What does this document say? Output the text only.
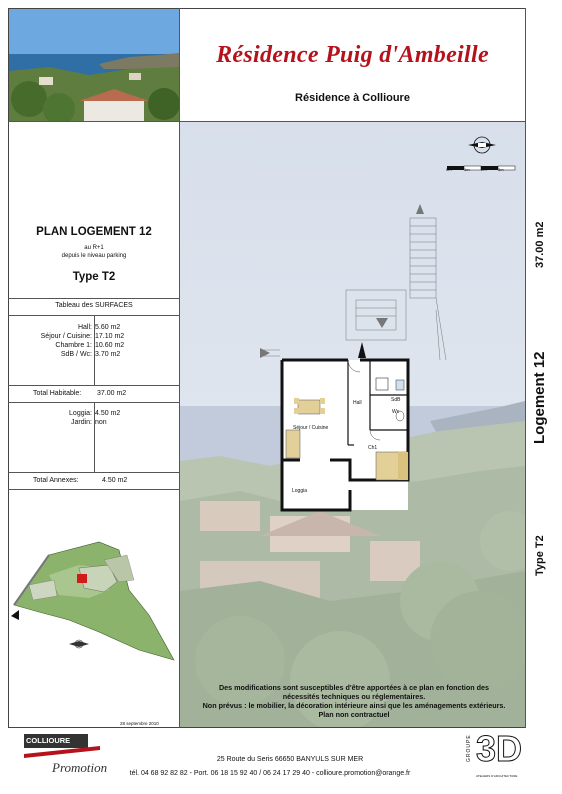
Résidence Puig d'Ambeille
Résidence à Collioure
PLAN LOGEMENT 12
au R+1
depuis le niveau parking
Type T2
Tableau des SURFACES
Hall: 5.60 m2
Séjour / Cuisine: 17.10 m2
Chambre 1: 10.60 m2
SdB / Wc: 3.70 m2
Total Habitable: 37.00 m2
Loggia: 4.50 m2
Jardin: non
Total Annexes:	4.50 m2
28 septembre 2010
0m	1m	2m	3m
Séjour / Cuisine
Hall	SdB
Wc
Ch1
Loggia
37.00 m2
Logement 12
Type T2
Des modifications sont susceptibles d'être apportées à ce plan en fonction des
nécessités techniques ou réglementaires.
Non prévus : le mobilier, la décoration intérieure ainsi que les aménagements extérieurs.
Plan non contractuel
COLLIOURE
Promotion
25 Route du Seris 66650 BANYULS SUR MER
tél. 04 68 92 82 82 - Port. 06 18 15 92 40 / 06 24 17 29 40 - collioure.promotion@orange.fr
GROUPE 3D
ATELIERS D'ARCHITECTURE
